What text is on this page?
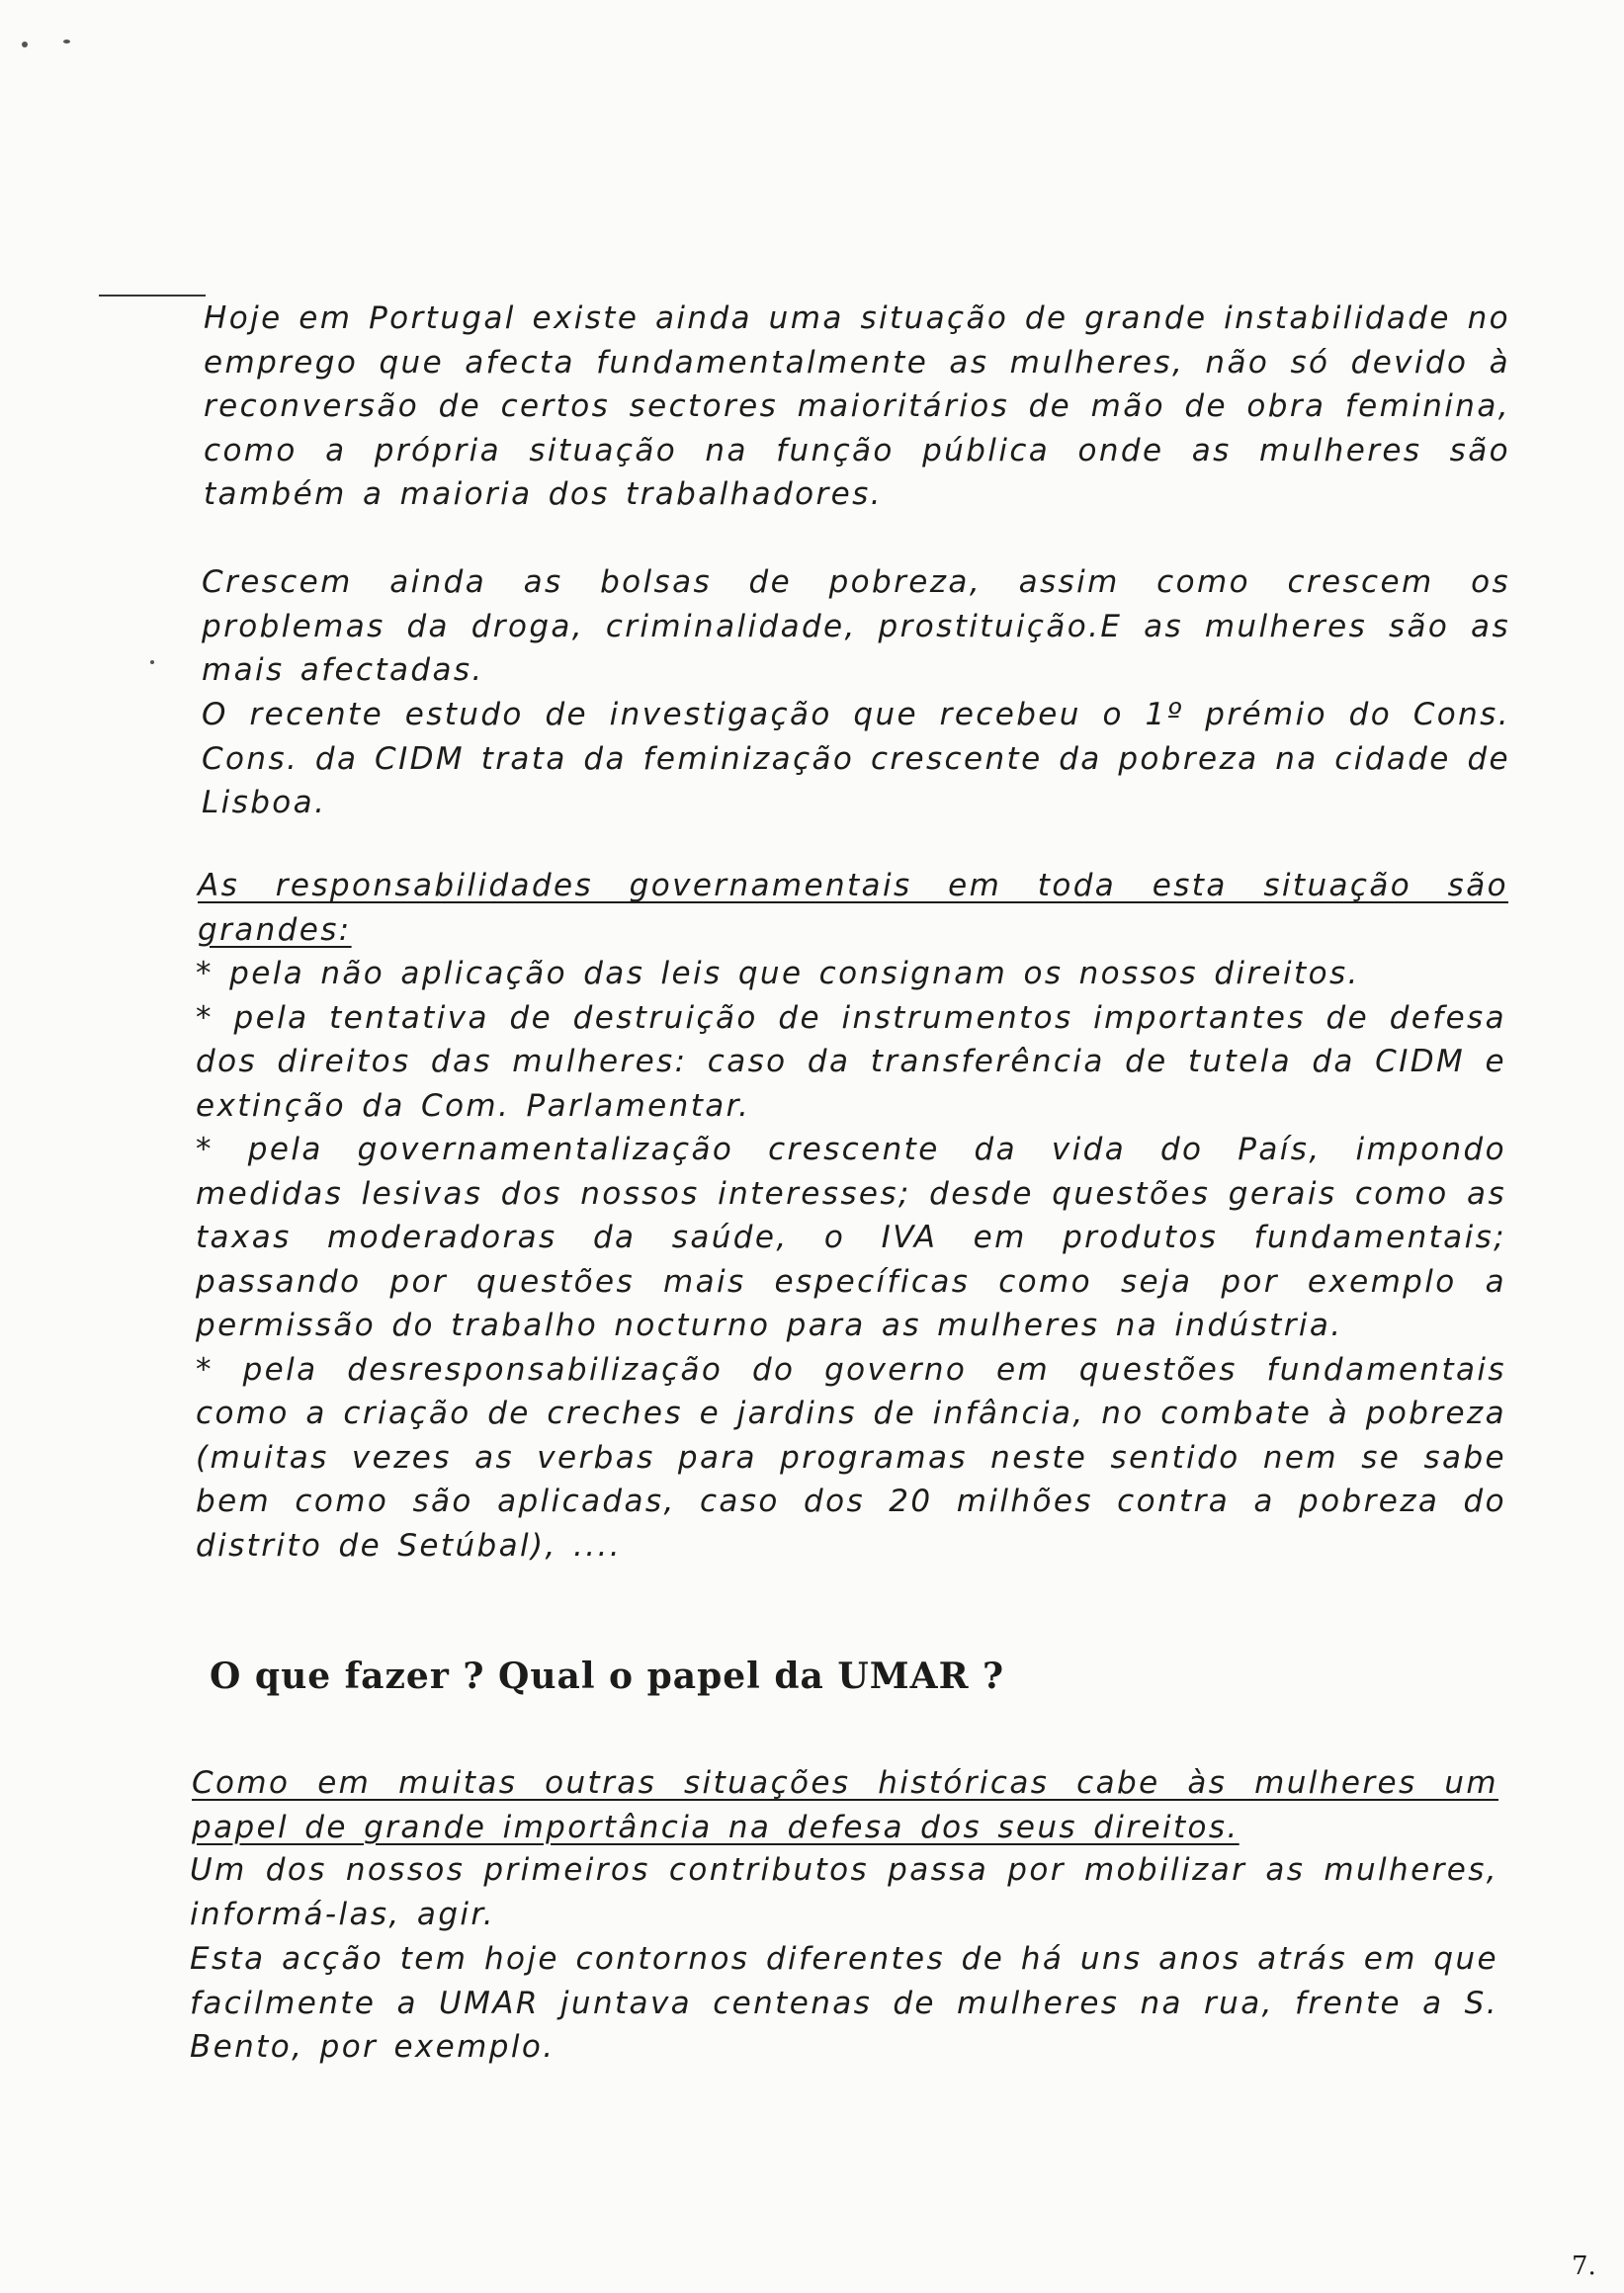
Hoje em Portugal existe ainda uma situação de grande instabilidade no emprego que afecta fundamentalmente as mulheres, não só devido à reconversão de certos sectores maioritários de mão de obra feminina, como a própria situação na função pública onde as mulheres são também a maioria dos trabalhadores.

Crescem ainda as bolsas de pobreza, assim como crescem os problemas da droga, criminalidade, prostituição.E as mulheres são as mais afectadas.

O recente estudo de investigação que recebeu o 1º prémio do Cons. Cons. da CIDM trata da feminização crescente da pobreza na cidade de Lisboa.

As responsabilidades governamentais em toda esta situação são grandes:

* pela não aplicação das leis que consignam os nossos direitos.
* pela tentativa de destruição de instrumentos importantes de defesa dos direitos das mulheres: caso da transferência de tutela da CIDM e extinção da Com. Parlamentar.
* pela governamentalização crescente da vida do País, impondo medidas lesivas dos nossos interesses; desde questões gerais como as taxas moderadoras da saúde, o IVA em produtos fundamentais; passando por questões mais específicas como seja por exemplo a permissão do trabalho nocturno para as mulheres na indústria.
* pela desresponsabilização do governo em questões fundamentais como a criação de creches e jardins de infância, no combate à pobreza (muitas vezes as verbas para programas neste sentido nem se sabe bem como são aplicadas, caso dos 20 milhões contra a pobreza do distrito de Setúbal), ....
O que fazer ? Qual o papel da UMAR ?

Como em muitas outras situações históricas cabe às mulheres um papel de grande importância na defesa dos seus direitos.

Um dos nossos primeiros contributos passa por mobilizar as mulheres, informá-las, agir.

Esta acção tem hoje contornos diferentes de há uns anos atrás em que facilmente a UMAR juntava centenas de mulheres na rua, frente a S. Bento, por exemplo.

7.
